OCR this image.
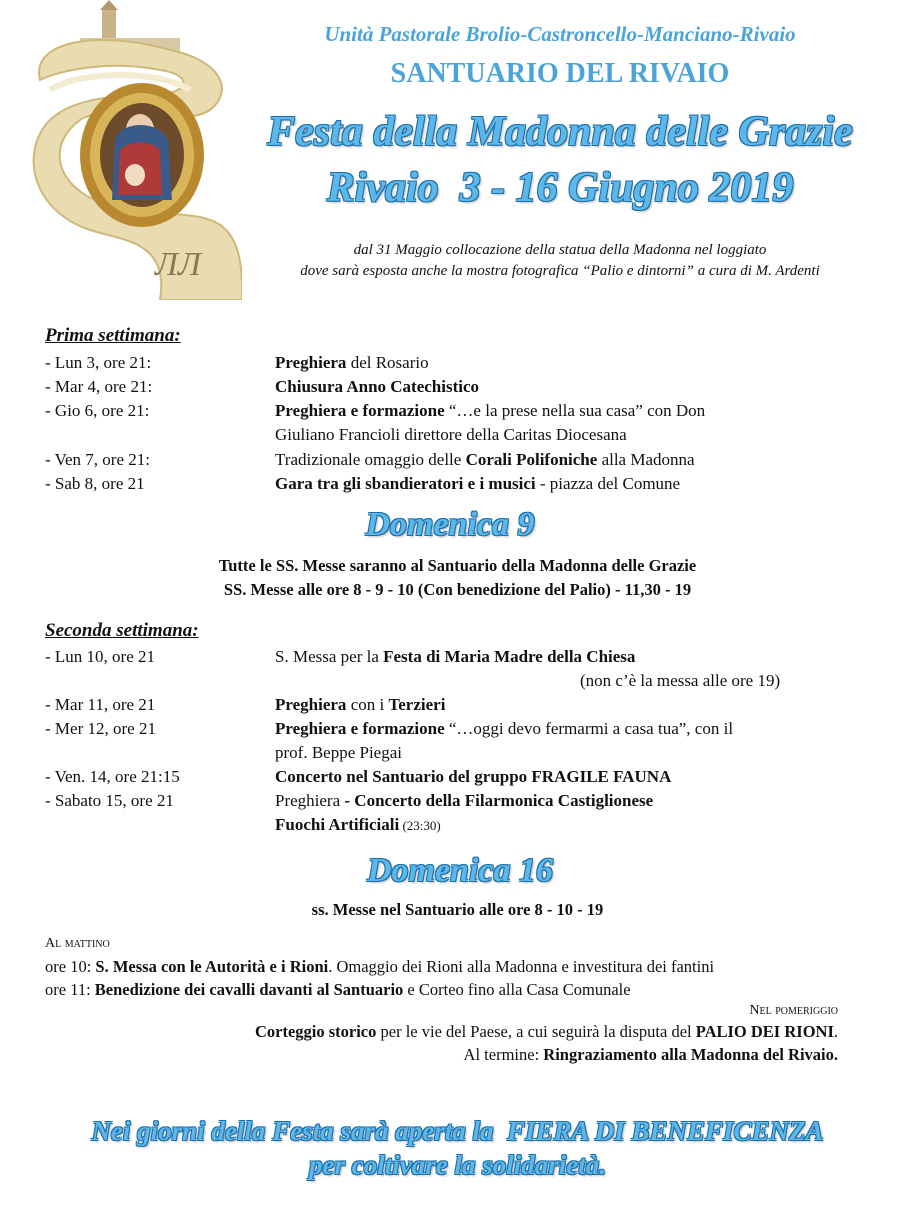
ЛЛ
Unità Pastorale Brolio-Castroncello-Manciano-Rivaio
SANTUARIO DEL RIVAIO
Festa della Madonna delle Grazie
Rivaio  3 - 16 Giugno 2019
dal 31 Maggio collocazione della statua della Madonna nel loggiato
dove sarà esposta anche la mostra fotografica “Palio e dintorni” a cura di M. Ardenti
Prima settimana:
- Lun 3, ore 21:	Preghiera del Rosario
- Mar 4, ore 21:	Chiusura Anno Catechistico
- Gio 6, ore 21:	Preghiera e formazione “…e la prese nella sua casa” con Don
Giuliano Francioli direttore della Caritas Diocesana
- Ven 7, ore 21:	Tradizionale omaggio delle Corali Polifoniche alla Madonna
- Sab 8, ore 21	Gara tra gli sbandieratori e i musici - piazza del Comune
Domenica 9
Tutte le SS. Messe saranno al Santuario della Madonna delle Grazie
SS. Messe alle ore 8 - 9 - 10 (Con benedizione del Palio) - 11,30 - 19
Seconda settimana:
- Lun 10, ore 21	S. Messa per la Festa di Maria Madre della Chiesa
(non c’è la messa alle ore 19)
- Mar 11, ore 21	Preghiera con i Terzieri
- Mer 12, ore 21	Preghiera e formazione “…oggi devo fermarmi a casa tua”, con il
prof. Beppe Piegai
- Ven. 14, ore 21:15	Concerto nel Santuario del gruppo FRAGILE FAUNA
- Sabato 15, ore 21	Preghiera - Concerto della Filarmonica Castiglionese
Fuochi Artificiali (23:30)
Domenica 16
ss. Messe nel Santuario alle ore 8 - 10 - 19
Al mattino
ore 10: S. Messa con le Autorità e i Rioni. Omaggio dei Rioni alla Madonna e investitura dei fantini
ore 11: Benedizione dei cavalli davanti al Santuario e Corteo fino alla Casa Comunale
Nel pomeriggio
Corteggio storico per le vie del Paese, a cui seguirà la disputa del PALIO DEI RIONI.
Al termine: Ringraziamento alla Madonna del Rivaio.
Nei giorni della Festa sarà aperta la  FIERA DI BENEFICENZA
per coltivare la solidarietà.
